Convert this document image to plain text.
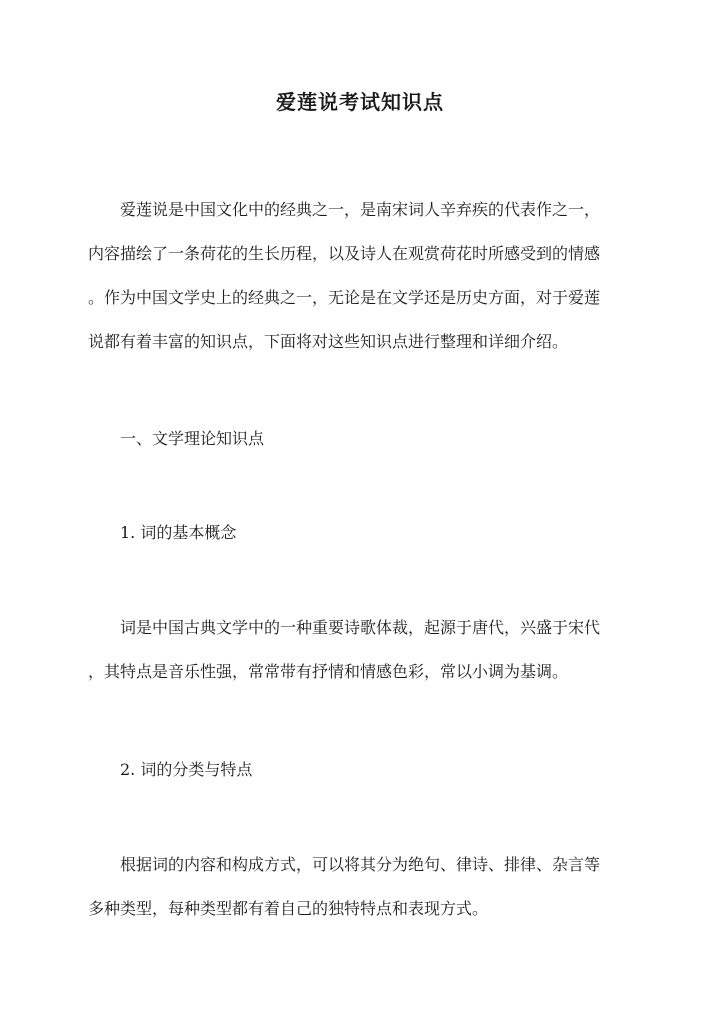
爱莲说考试知识点
　　爱莲说是中国文化中的经典之一，是南宋词人辛弃疾的代表作之一，
内容描绘了一条荷花的生长历程，以及诗人在观赏荷花时所感受到的情感
。作为中国文学史上的经典之一，无论是在文学还是历史方面，对于爱莲
说都有着丰富的知识点，下面将对这些知识点进行整理和详细介绍。
　　一、文学理论知识点
　　1. 词的基本概念
　　词是中国古典文学中的一种重要诗歌体裁，起源于唐代，兴盛于宋代
，其特点是音乐性强，常常带有抒情和情感色彩，常以小调为基调。
　　2. 词的分类与特点
　　根据词的内容和构成方式，可以将其分为绝句、律诗、排律、杂言等
多种类型，每种类型都有着自己的独特特点和表现方式。
